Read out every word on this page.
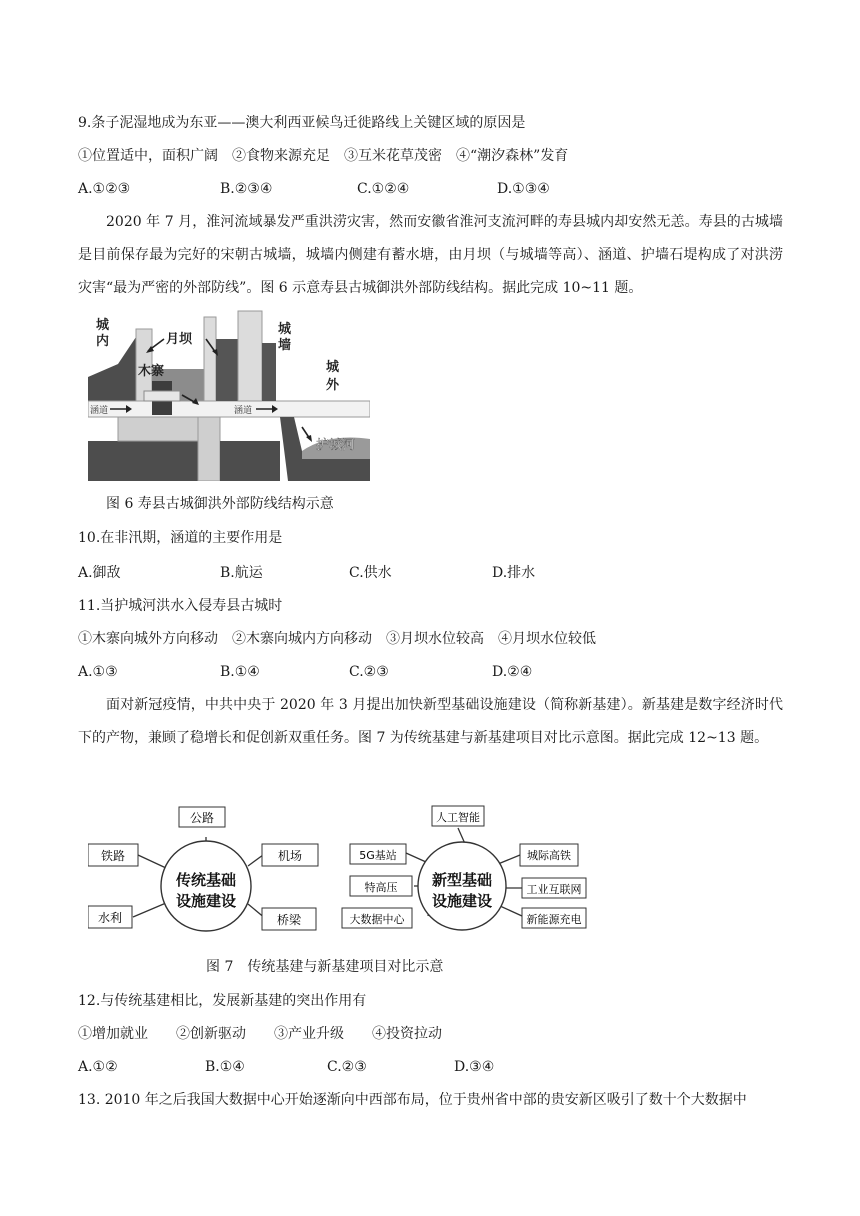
9.条子泥湿地成为东亚——澳大利西亚候鸟迁徙路线上关键区域的原因是
①位置适中，面积广阔　②食物来源充足　③互米花草茂密　④“潮汐森林”发育
A.①②③	B.②③④	C.①②④	D.①③④
2020 年 7 月，淮河流域暴发严重洪涝灾害，然而安徽省淮河支流河畔的寿县城内却安然无恙。寿县的古城墙是目前保存最为完好的宋朝古城墙，城墙内侧建有蓄水塘，由月坝（与城墙等高）、涵道、护墙石堤构成了对洪涝灾害“最为严密的外部防线”。图 6 示意寿县古城御洪外部防线结构。据此完成 10~11 题。
城
内	月坝
城
墙
城
外
木寨
涵道	涵道
护城河
图 6 寿县古城御洪外部防线结构示意
10.在非汛期，涵道的主要作用是
A.御敌	B.航运	C.供水	D.排水
11.当护城河洪水入侵寿县古城时
①木寨向城外方向移动　②木寨向城内方向移动　③月坝水位较高　④月坝水位较低
A.①③	B.①④	C.②③	D.②④
面对新冠疫情，中共中央于 2020 年 3 月提出加快新型基础设施建设（简称新基建）。新基建是数字经济时代下的产物，兼顾了稳增长和促创新双重任务。图 7 为传统基建与新基建项目对比示意图。据此完成 12~13 题。
传统基础
设施建设
公路
铁路	机场
水利	桥梁
新型基础
设施建设
人工智能
5G基站	城际高铁
特高压	工业互联网
大数据中心	新能源充电
图 7　传统基建与新基建项目对比示意
12.与传统基建相比，发展新基建的突出作用有
①增加就业　　②创新驱动　　③产业升级　　④投资拉动
A.①②	B.①④	C.②③	D.③④
13. 2010 年之后我国大数据中心开始逐渐向中西部布局，位于贵州省中部的贵安新区吸引了数十个大数据中
